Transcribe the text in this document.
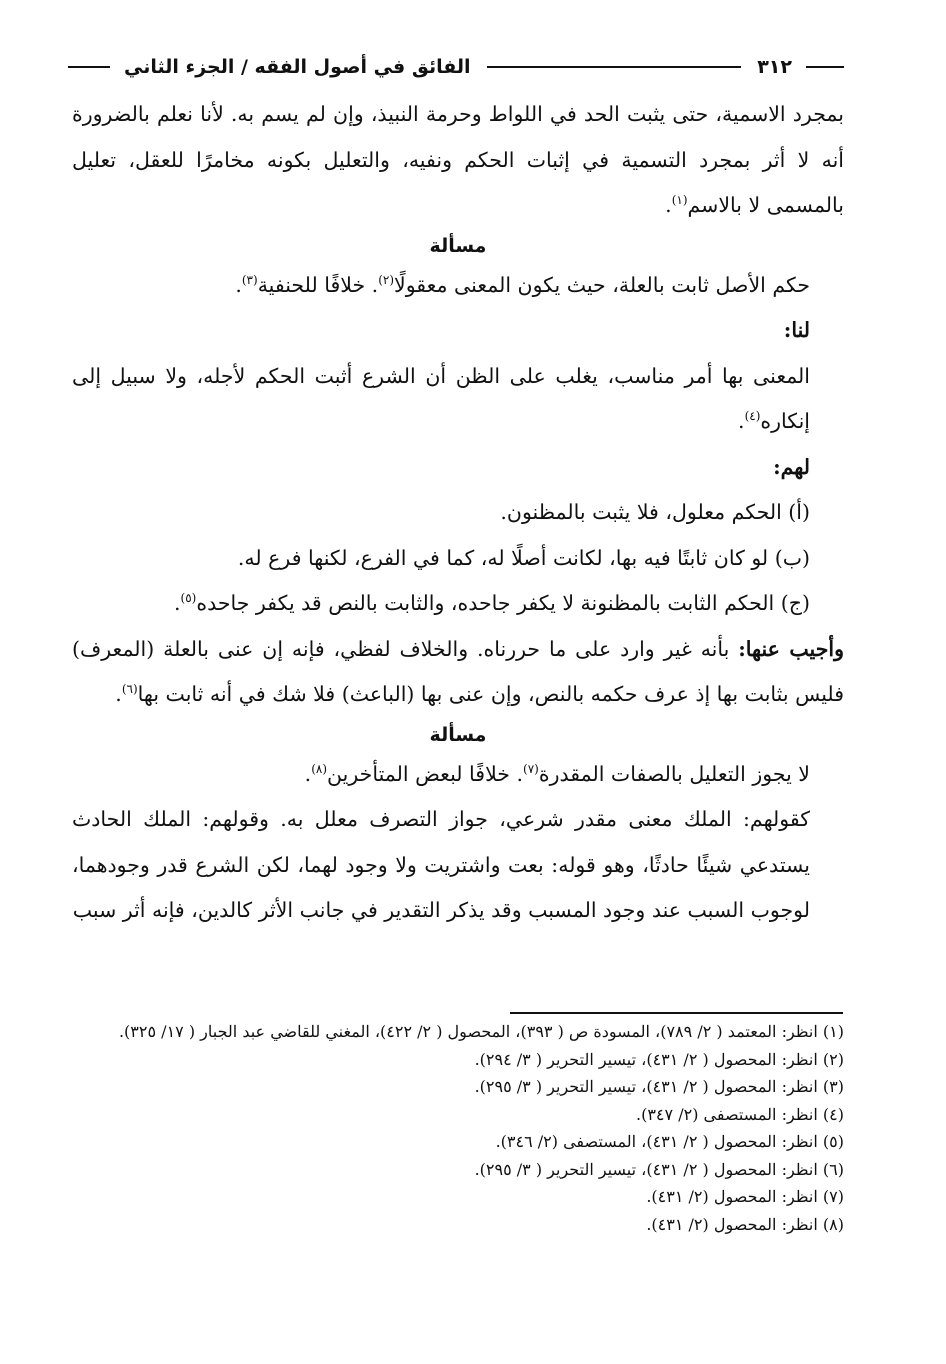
٣١٢
الفائق في أصول الفقه / الجزء الثاني

بمجرد الاسمية، حتى يثبت الحد في اللواط وحرمة النبيذ، وإن لم يسم به. لأنا نعلم بالضرورة أنه لا أثر بمجرد التسمية في إثبات الحكم ونفيه، والتعليل بكونه مخامرًا للعقل، تعليل بالمسمى لا بالاسم$^{(١)}$.

مسألة

حكم الأصل ثابت بالعلة، حيث يكون المعنى معقولًا$^{(٢)}$. خلافًا للحنفية$^{(٣)}$.

لنا:

المعنى بها أمر مناسب، يغلب على الظن أن الشرع أثبت الحكم لأجله، ولا سبيل إلى إنكاره$^{(٤)}$.

لهم:

(أ) الحكم معلول، فلا يثبت بالمظنون.

(ب) لو كان ثابتًا فيه بها، لكانت أصلًا له، كما في الفرع، لكنها فرع له.

(ج) الحكم الثابت بالمظنونة لا يكفر جاحده، والثابت بالنص قد يكفر جاحده$^{(٥)}$.

وأجيب عنها: بأنه غير وارد على ما حررناه. والخلاف لفظي، فإنه إن عنى بالعلة (المعرف) فليس بثابت بها إذ عرف حكمه بالنص، وإن عنى بها (الباعث) فلا شك في أنه ثابت بها$^{(٦)}$.

مسألة

لا يجوز التعليل بالصفات المقدرة$^{(٧)}$. خلافًا لبعض المتأخرين$^{(٨)}$.

كقولهم: الملك معنى مقدر شرعي، جواز التصرف معلل به. وقولهم: الملك الحادث يستدعي شيئًا حادثًا، وهو قوله: بعت واشتريت ولا وجود لهما، لكن الشرع قدر وجودهما، لوجوب السبب عند وجود المسبب وقد يذكر التقدير في جانب الأثر كالدين، فإنه أثر سبب

(١) انظر: المعتمد ( ٢/ ٧٨٩)، المسودة ص ( ٣٩٣)، المحصول ( ٢/ ٤٢٢)، المغني للقاضي عبد الجبار ( ١٧/ ٣٢٥).

(٢) انظر: المحصول ( ٢/ ٤٣١)، تيسير التحرير ( ٣/ ٢٩٤).

(٣) انظر: المحصول ( ٢/ ٤٣١)، تيسير التحرير ( ٣/ ٢٩٥).

(٤) انظر: المستصفى (٢/ ٣٤٧).

(٥) انظر: المحصول ( ٢/ ٤٣١)، المستصفى (٢/ ٣٤٦).

(٦) انظر: المحصول ( ٢/ ٤٣١)، تيسير التحرير ( ٣/ ٢٩٥).

(٧) انظر: المحصول (٢/ ٤٣١).

(٨) انظر: المحصول (٢/ ٤٣١).
